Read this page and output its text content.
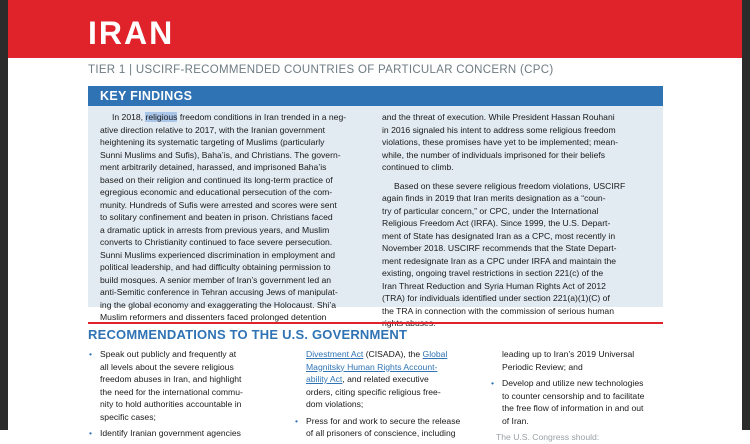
IRAN

TIER 1 | USCIRF-RECOMMENDED COUNTRIES OF PARTICULAR CONCERN (CPC)

KEY FINDINGS

In 2018, religious freedom conditions in Iran trended in a neg-
ative direction relative to 2017, with the Iranian government
heightening its systematic targeting of Muslims (particularly
Sunni Muslims and Sufis), Baha’is, and Christians. The govern-
ment arbitrarily detained, harassed, and imprisoned Baha’is
based on their religion and continued its long-term practice of
egregious economic and educational persecution of the com-
munity. Hundreds of Sufis were arrested and scores were sent
to solitary confinement and beaten in prison. Christians faced
a dramatic uptick in arrests from previous years, and Muslim
converts to Christianity continued to face severe persecution.
Sunni Muslims experienced discrimination in employment and
political leadership, and had difficulty obtaining permission to
build mosques. A senior member of Iran’s government led an
anti-Semitic conference in Tehran accusing Jews of manipulat-
ing the global economy and exaggerating the Holocaust. Shi’a
Muslim reformers and dissenters faced prolonged detention
and the threat of execution. While President Hassan Rouhani
in 2016 signaled his intent to address some religious freedom
violations, these promises have yet to be implemented; mean-
while, the number of individuals imprisoned for their beliefs
continued to climb.
Based on these severe religious freedom violations, USCIRF
again finds in 2019 that Iran merits designation as a “coun-
try of particular concern,” or CPC, under the International
Religious Freedom Act (IRFA). Since 1999, the U.S. Depart-
ment of State has designated Iran as a CPC, most recently in
November 2018. USCIRF recommends that the State Depart-
ment redesignate Iran as a CPC under IRFA and maintain the
existing, ongoing travel restrictions in section 221(c) of the
Iran Threat Reduction and Syria Human Rights Act of 2012
(TRA) for individuals identified under section 221(a)(1)(C) of
the TRA in connection with the commission of serious human

RECOMMENDATIONS TO THE U.S. GOVERNMENT

• Speak out publicly and frequently at
all levels about the severe religious
freedom abuses in Iran, and highlight
the need for the international commu-
nity to hold authorities accountable in
specific cases;
• Identify Iranian government agencies
Divestment Act (CISADA), the Global
Magnitsky Human Rights Account-
ability Act, and related executive
orders, citing specific religious free-
dom violations;
• Press for and work to secure the release
of all prisoners of conscience, including
leading up to Iran’s 2019 Universal
Periodic Review; and
• Develop and utilize new technologies
to counter censorship and to facilitate
the free flow of information in and out
of Iran.
The U.S. Congress should:
